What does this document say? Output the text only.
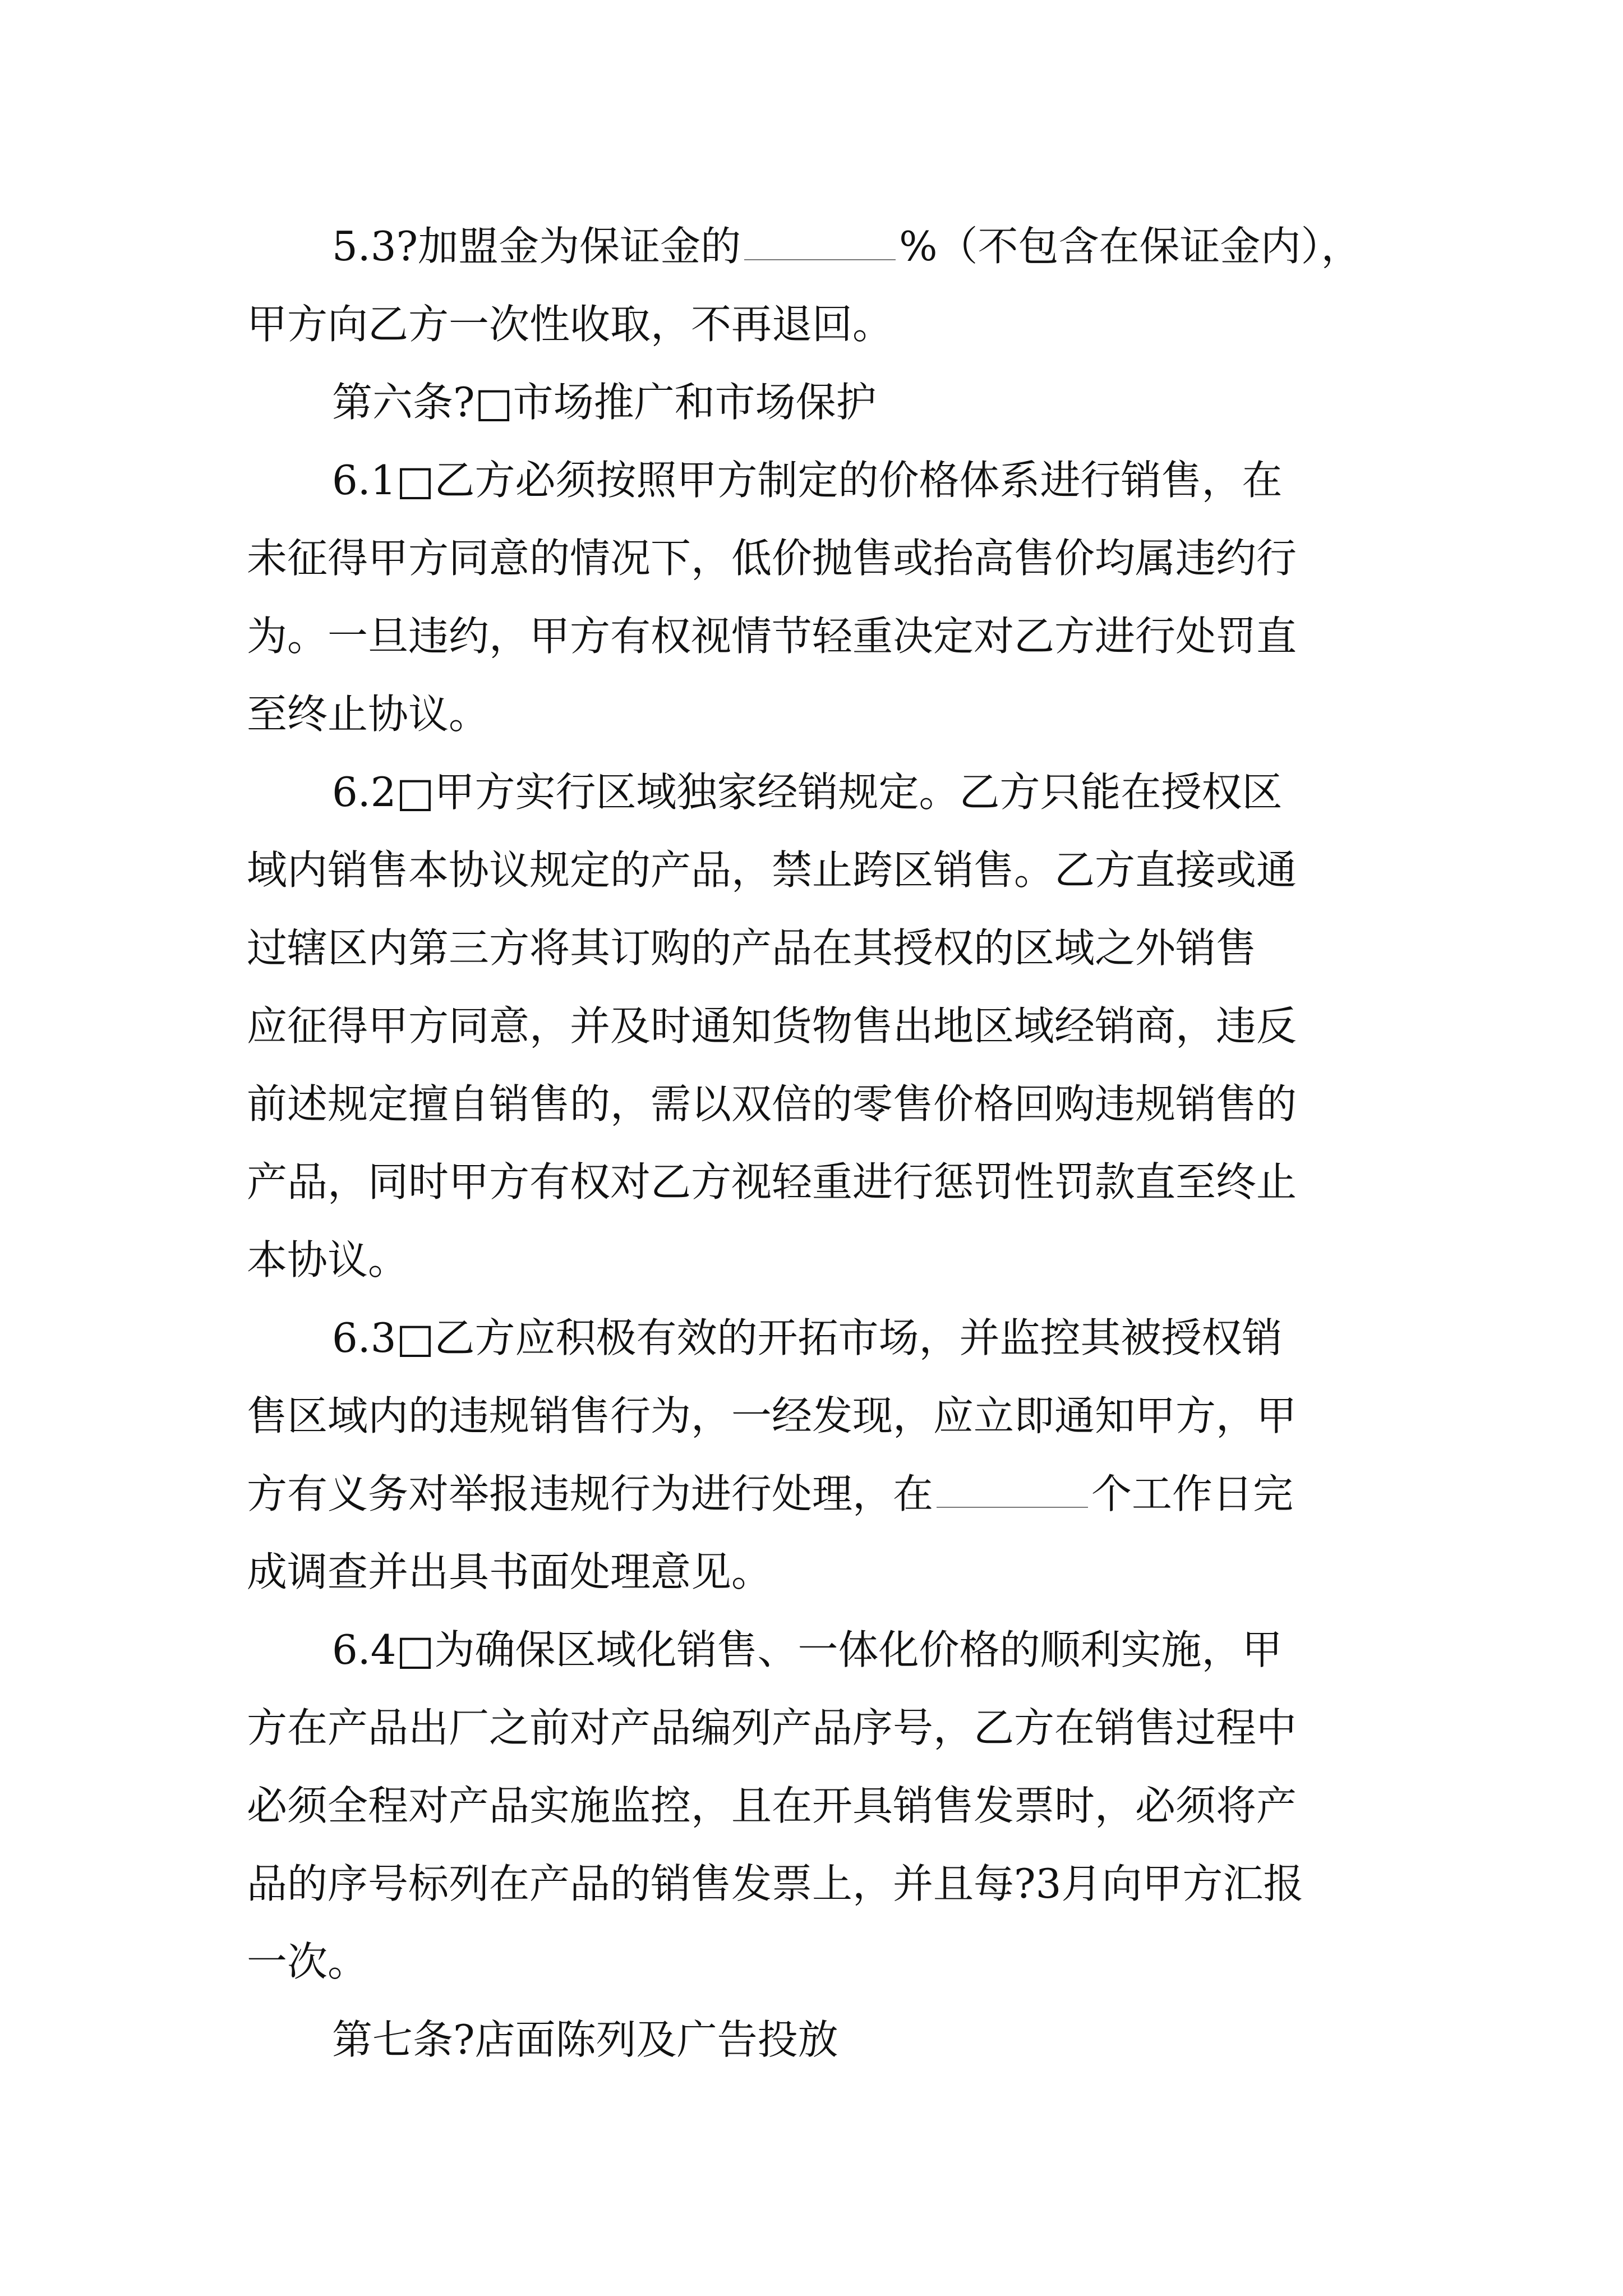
5.3?加盟金为保证金的	%（不包含在保证金内），
甲方向乙方一次性收取，不再退回。
第六条?□市场推广和市场保护
6.1□乙方必须按照甲方制定的价格体系进行销售，在
未征得甲方同意的情况下，低价抛售或抬高售价均属违约行
为。一旦违约，甲方有权视情节轻重决定对乙方进行处罚直
至终止协议。
6.2□甲方实行区域独家经销规定。乙方只能在授权区
域内销售本协议规定的产品，禁止跨区销售。乙方直接或通
过辖区内第三方将其订购的产品在其授权的区域之外销售
应征得甲方同意，并及时通知货物售出地区域经销商，违反
前述规定擅自销售的，需以双倍的零售价格回购违规销售的
产品，同时甲方有权对乙方视轻重进行惩罚性罚款直至终止
本协议。
6.3□乙方应积极有效的开拓市场，并监控其被授权销
售区域内的违规销售行为，一经发现，应立即通知甲方，甲
方有义务对举报违规行为进行处理，在	个工作日完
成调查并出具书面处理意见。
6.4□为确保区域化销售、一体化价格的顺利实施，甲
方在产品出厂之前对产品编列产品序号，乙方在销售过程中
必须全程对产品实施监控，且在开具销售发票时，必须将产
品的序号标列在产品的销售发票上，并且每?3月向甲方汇报
一次。
第七条?店面陈列及广告投放
